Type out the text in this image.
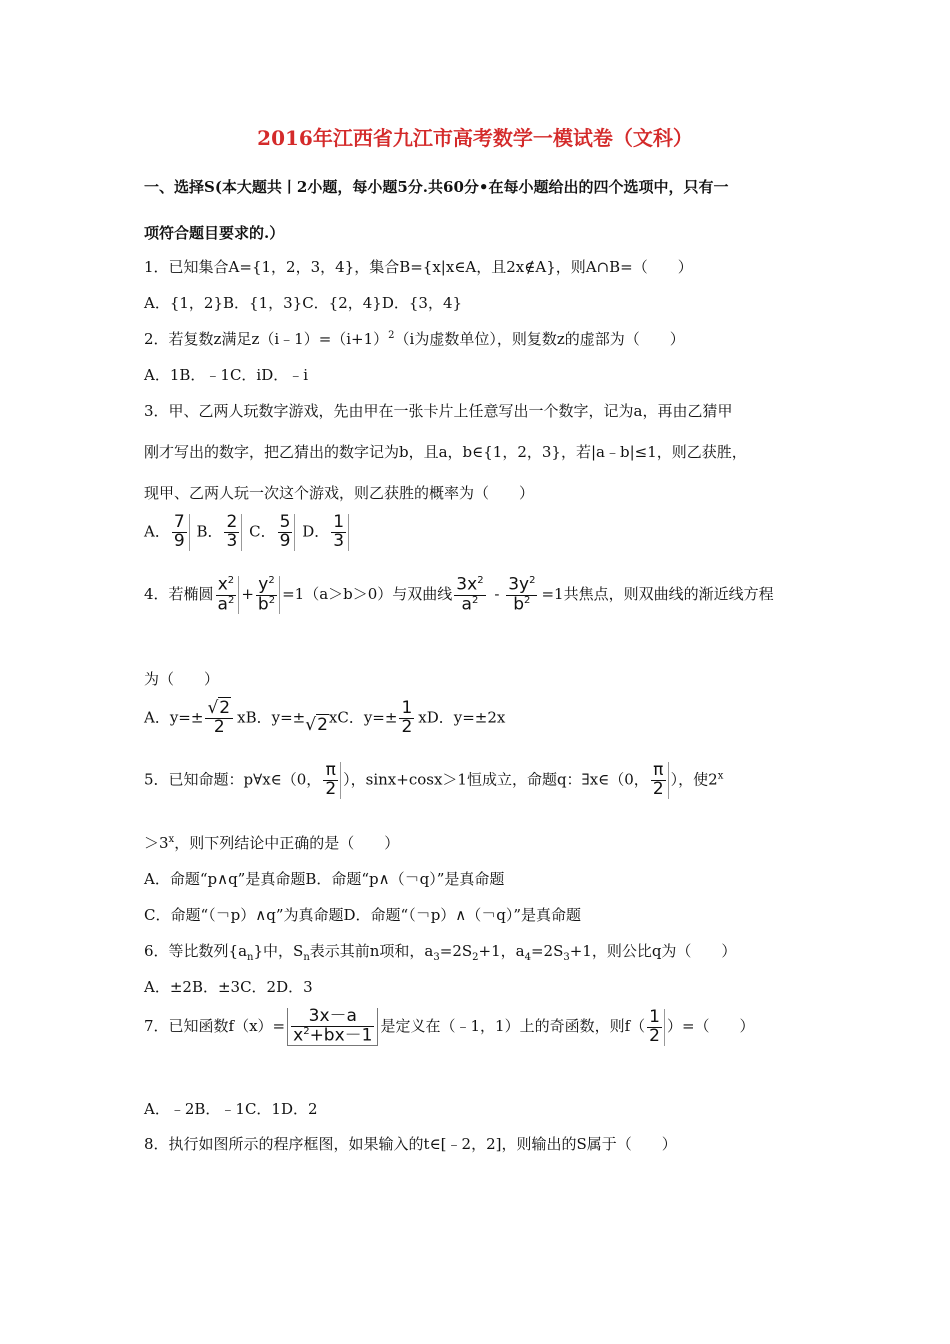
2016年江西省九江市高考数学一模试卷（文科）
一、选择S(本大题共丨2小题，每小题5分.共60分•在每小题给出的四个选项中，只有一
项符合题目要求的.）
1．已知集合A={1，2，3，4}，集合B={x|x∈A，且2x∉A}，则A∩B=（　　）
A．{1，2}B．{1，3}C．{2，4}D．{3，4}
2．若复数z满足$z(i﹣1)=(i+1)^2(i$为虚数单位），则复数z的虚部为（　　）
A．1B．﹣1C．iD．﹣i
3．甲、乙两人玩数字游戏，先由甲在一张卡片上任意写出一个数字，记为a，再由乙猜甲
刚才写出的数字，把乙猜出的数字记为b，且a，b∈{1，2，3}，若|a﹣b|≤1，则乙获胜，
现甲、乙两人玩一次这个游戏，则乙获胜的概率为（　　）
A． $\frac{7}{9}$ B． $\frac{2}{3}$ C． $\frac{5}{9}$ D． $\frac{1}{3}$
4．若椭圆 $\frac{x^2}{a^2} + \frac{y^2}{b^2} =1(a>b>0)$与双曲线 $\frac{3x^2}{a^2} - \frac{3y^2}{b^2} =1$共焦点，则双曲线的渐近线方程
为（　　）
A．$y=\pm \frac{√2}{2}$ xB．y=±√2xC．$y=\pm \frac{1}{2}$ xD．y=±2x
5．已知命题：p∀x∈（0， $\frac{\pi}{2}$ ），sinx+cosx＞1恒成立，命题q：∃x∈（0， $\frac{\pi}{2}$ ），使$2^x$
$>3^x$，则下列结论中正确的是（　　）
A．命题“p∧q”是真命题B．命题“p∧（￢q）”是真命题
C．命题“（￢p）∧q”为真命题D．命题“（￢p）∧（￢q）”是真命题
6．等比数列$\{a_n\}$中，$S_n$表示其前n项和，$a_3=2S_2+1$，$a_4=2S_3+1$，则公比q为（　　）
A．±2B．±3C．2D．3
7．已知函数$f(x)= \frac{3x-a}{x^2+bx-1}$ 是定义在（﹣1，1）上的奇函数，则$f( \frac{1}{2}$ ）=（　　）
A．﹣2B．﹣1C．1D．2
8．执行如图所示的程序框图，如果输入的t∈[﹣2，2]，则输出的S属于（　　）
